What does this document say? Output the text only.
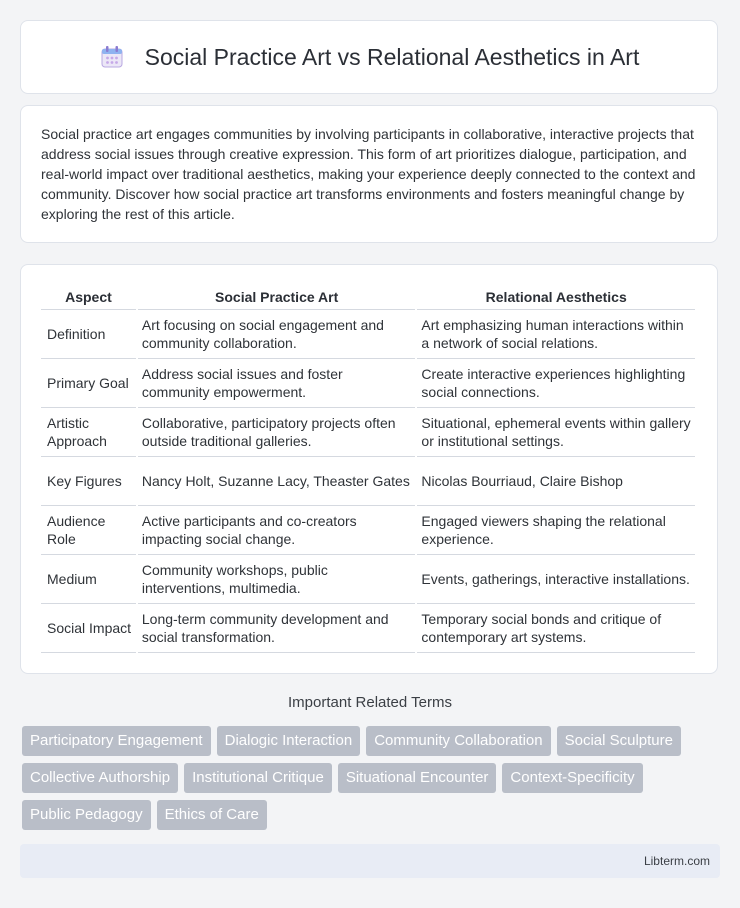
Social Practice Art vs Relational Aesthetics in Art

Social practice art engages communities by involving participants in collaborative, interactive projects that address social issues through creative expression. This form of art prioritizes dialogue, participation, and real-world impact over traditional aesthetics, making your experience deeply connected to the context and community. Discover how social practice art transforms environments and fosters meaningful change by exploring the rest of this article.

Aspect	Social Practice Art	Relational Aesthetics
Definition	Art focusing on social engagement and community collaboration.	Art emphasizing human interactions within a network of social relations.
Primary Goal	Address social issues and foster community empowerment.	Create interactive experiences highlighting social connections.
Artistic Approach	Collaborative, participatory projects often outside traditional galleries.	Situational, ephemeral events within gallery or institutional settings.
Key Figures	Nancy Holt, Suzanne Lacy, Theaster Gates	Nicolas Bourriaud, Claire Bishop
Audience Role	Active participants and co-creators impacting social change.	Engaged viewers shaping the relational experience.
Medium	Community workshops, public interventions, multimedia.	Events, gatherings, interactive installations.
Social Impact	Long-term community development and social transformation.	Temporary social bonds and critique of contemporary art systems.
Important Related Terms
Participatory Engagement	Dialogic Interaction	Community Collaboration	Social Sculpture
Collective Authorship	Institutional Critique	Situational Encounter	Context-Specificity
Public Pedagogy	Ethics of Care
Libterm.com
